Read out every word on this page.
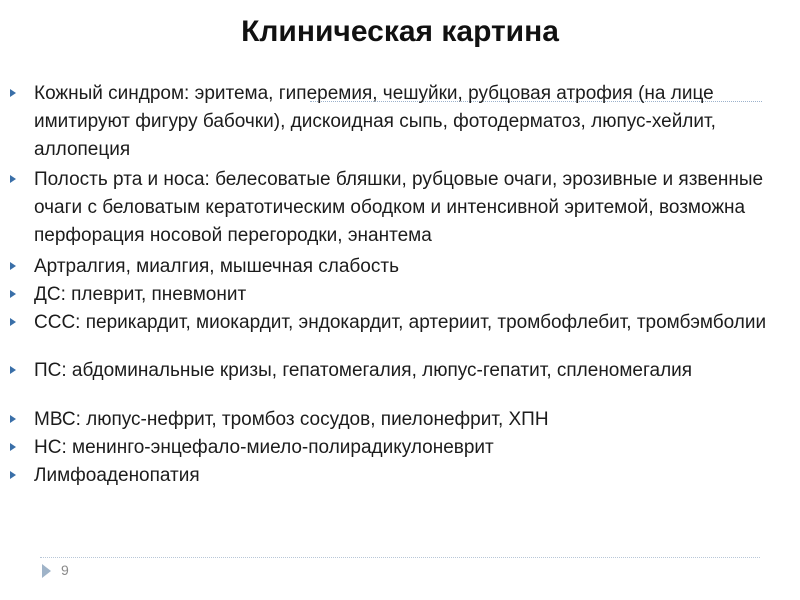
Клиническая картина
Кожный синдром: эритема, гиперемия, чешуйки, рубцовая атрофия (на лице имитируют фигуру бабочки), дискоидная сыпь, фотодерматоз, люпус-хейлит, аллопеция
Полость рта и носа: белесоватые бляшки, рубцовые очаги, эрозивные и язвенные очаги с беловатым кератотическим ободком и интенсивной эритемой, возможна перфорация носовой перегородки, энантема
Артралгия, миалгия, мышечная слабость
ДС: плеврит, пневмонит
ССС: перикардит, миокардит, эндокардит, артериит, тромбофлебит, тромбэмболии
ПС: абдоминальные кризы, гепатомегалия, люпус-гепатит, спленомегалия
МВС: люпус-нефрит, тромбоз сосудов, пиелонефрит, ХПН
НС: менинго-энцефало-миело-полирадикулоневрит
Лимфоаденопатия
9
